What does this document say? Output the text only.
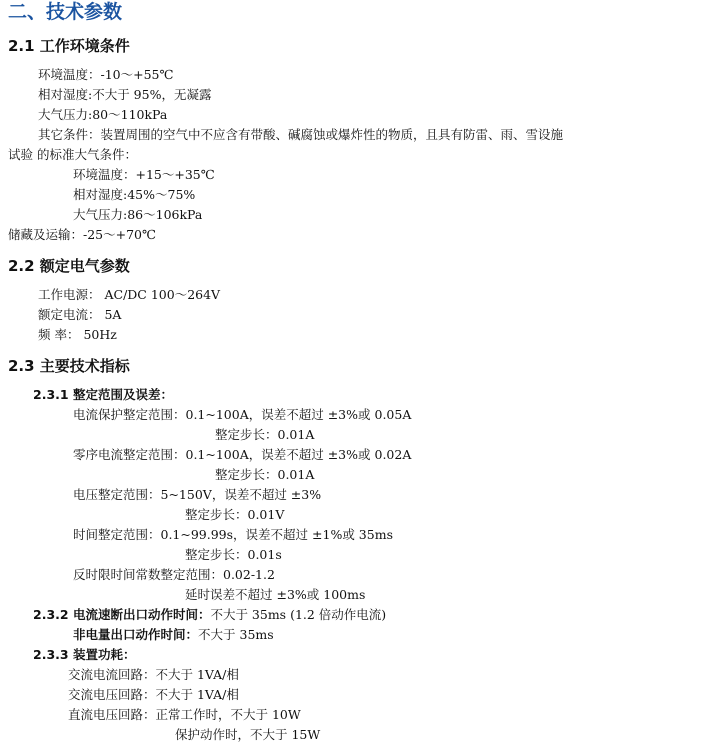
二、技术参数
2.1 工作环境条件
环境温度：-10～+55℃
相对湿度:不大于 95%，无凝露
大气压力:80～110kPa
其它条件：装置周围的空气中不应含有带酸、碱腐蚀或爆炸性的物质，且具有防雷、雨、雪设施
试验 的标准大气条件：
环境温度：+15～+35℃
相对湿度:45%～75%
大气压力:86～106kPa
储藏及运输：-25～+70℃
2.2 额定电气参数
工作电源： AC/DC 100～264V
额定电流： 5A
频 率： 50Hz
2.3 主要技术指标
2.3.1 整定范围及误差：
电流保护整定范围：0.1~100A，误差不超过 ±3%或 0.05A
整定步长：0.01A
零序电流整定范围：0.1~100A，误差不超过 ±3%或 0.02A
整定步长：0.01A
电压整定范围：5~150V，误差不超过 ±3%
整定步长：0.01V
时间整定范围：0.1~99.99s，误差不超过 ±1%或 35ms
整定步长：0.01s
反时限时间常数整定范围：0.02-1.2
延时误差不超过 ±3%或 100ms
2.3.2 电流速断出口动作时间：不大于 35ms (1.2 倍动作电流)
非电量出口动作时间：不大于 35ms
2.3.3 装置功耗：
交流电流回路：不大于 1VA/相
交流电压回路：不大于 1VA/相
直流电压回路：正常工作时，不大于 10W
保护动作时，不大于 15W
